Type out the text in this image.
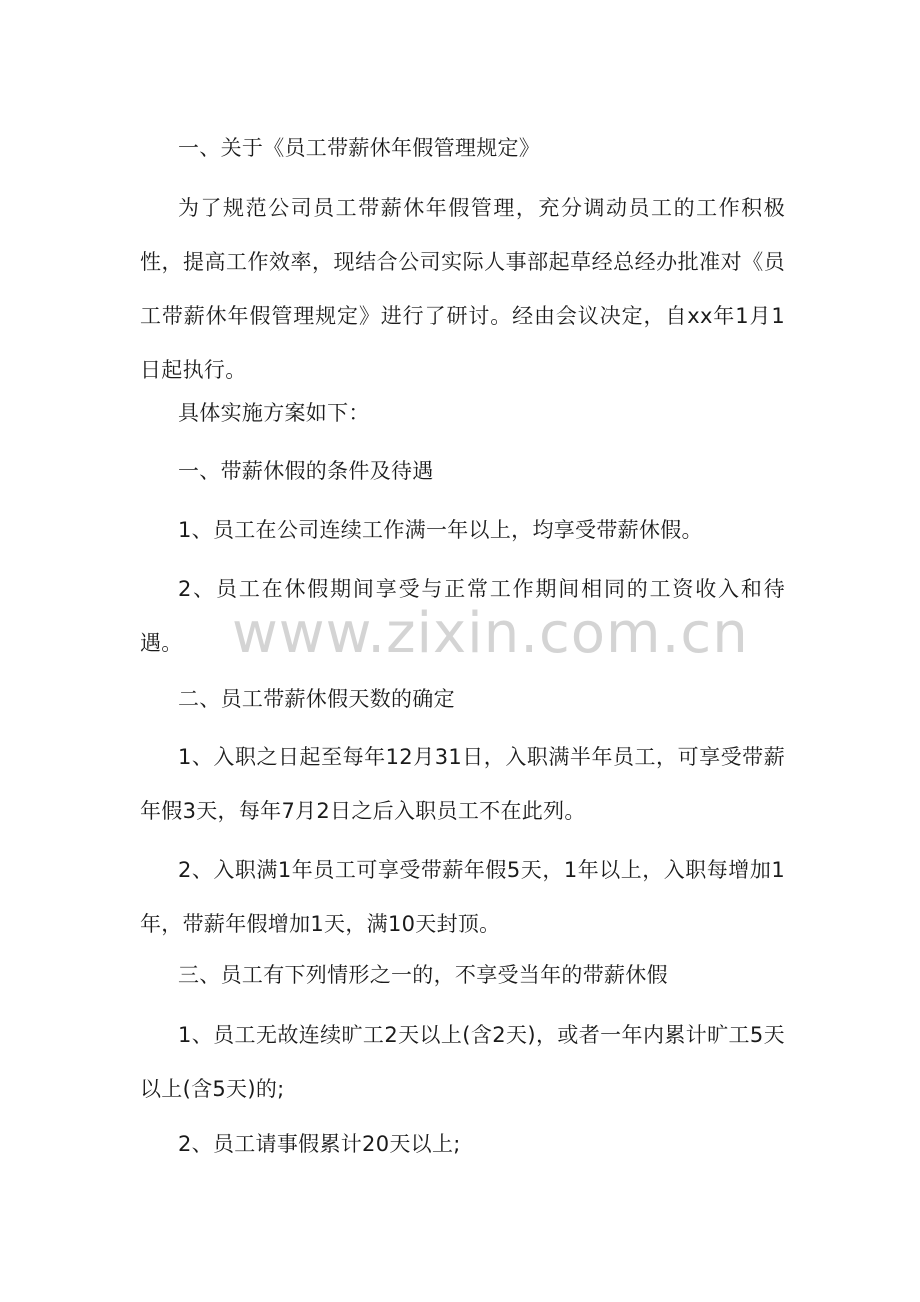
一、关于《员工带薪休年假管理规定》

为了规范公司员工带薪休年假管理，充分调动员工的工作积极性，提高工作效率，现结合公司实际人事部起草经总经办批准对《员工带薪休年假管理规定》进行了研讨。经由会议决定，自xx年1月1日起执行。

具体实施方案如下：

一、带薪休假的条件及待遇

1、员工在公司连续工作满一年以上，均享受带薪休假。

2、员工在休假期间享受与正常工作期间相同的工资收入和待遇。

二、员工带薪休假天数的确定

1、入职之日起至每年12月31日，入职满半年员工，可享受带薪年假3天，每年7月2日之后入职员工不在此列。

2、入职满1年员工可享受带薪年假5天，1年以上，入职每增加1年，带薪年假增加1天，满10天封顶。

三、员工有下列情形之一的，不享受当年的带薪休假

1、员工无故连续旷工2天以上(含2天)，或者一年内累计旷工5天以上(含5天)的;

2、员工请事假累计20天以上;

www.zixin.com.cn
